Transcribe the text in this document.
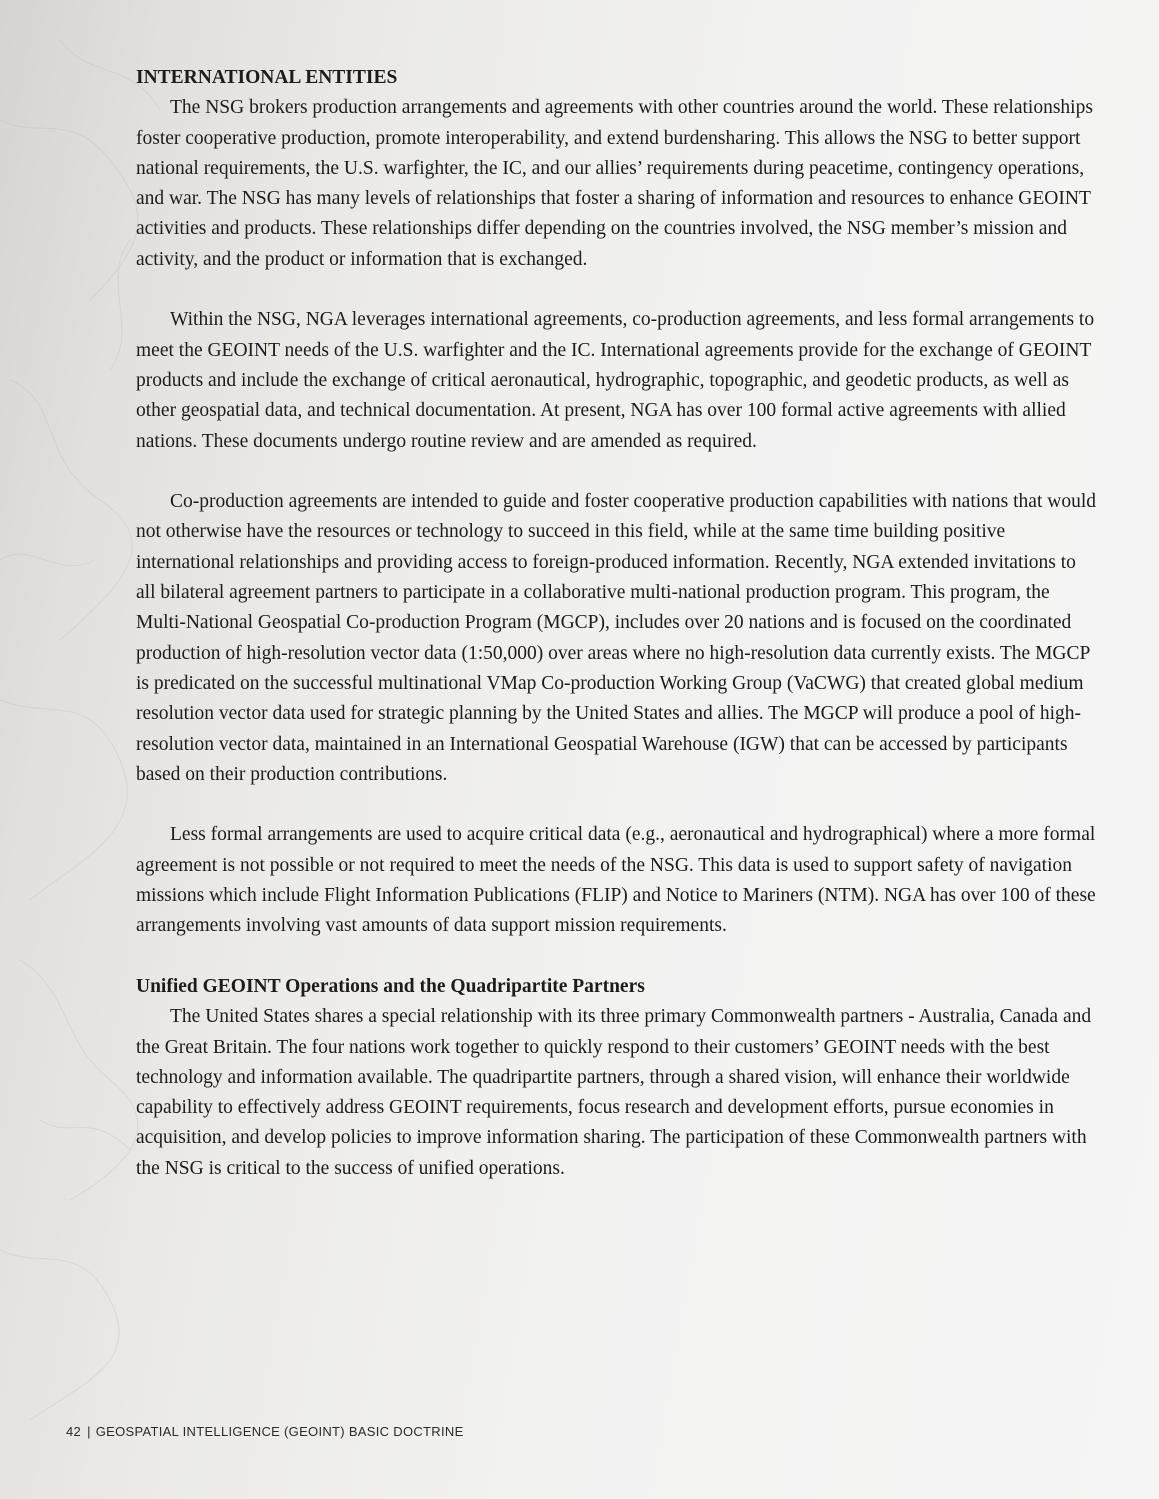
INTERNATIONAL ENTITIES

The NSG brokers production arrangements and agreements with other countries around the world. These relationships foster cooperative production, promote interoperability, and extend burdensharing. This allows the NSG to better support national requirements, the U.S. warfighter, the IC, and our allies’ requirements during peacetime, contingency operations, and war. The NSG has many levels of relationships that foster a sharing of information and resources to enhance GEOINT activities and products. These relationships differ depending on the countries involved, the NSG member’s mission and activity, and the product or information that is exchanged.

Within the NSG, NGA leverages international agreements, co-production agreements, and less formal arrangements to meet the GEOINT needs of the U.S. warfighter and the IC. International agreements provide for the exchange of GEOINT products and include the exchange of critical aeronautical, hydrographic, topographic, and geodetic products, as well as other geospatial data, and technical documentation. At present, NGA has over 100 formal active agreements with allied nations. These documents undergo routine review and are amended as required.

Co-production agreements are intended to guide and foster cooperative production capabilities with nations that would not otherwise have the resources or technology to succeed in this field, while at the same time building positive international relationships and providing access to foreign-produced information. Recently, NGA extended invitations to all bilateral agreement partners to participate in a collaborative multi-national production program. This program, the Multi-National Geospatial Co-production Program (MGCP), includes over 20 nations and is focused on the coordinated production of high-resolution vector data (1:50,000) over areas where no high-resolution data currently exists. The MGCP is predicated on the successful multinational VMap Co-production Working Group (VaCWG) that created global medium resolution vector data used for strategic planning by the United States and allies. The MGCP will produce a pool of high-resolution vector data, maintained in an International Geospatial Warehouse (IGW) that can be accessed by participants based on their production contributions.

Less formal arrangements are used to acquire critical data (e.g., aeronautical and hydrographical) where a more formal agreement is not possible or not required to meet the needs of the NSG. This data is used to support safety of navigation missions which include Flight Information Publications (FLIP) and Notice to Mariners (NTM). NGA has over 100 of these arrangements involving vast amounts of data support mission requirements.

Unified GEOINT Operations and the Quadripartite Partners

The United States shares a special relationship with its three primary Commonwealth partners - Australia, Canada and the Great Britain. The four nations work together to quickly respond to their customers’ GEOINT needs with the best technology and information available. The quadripartite partners, through a shared vision, will enhance their worldwide capability to effectively address GEOINT requirements, focus research and development efforts, pursue economies in acquisition, and develop policies to improve information sharing. The participation of these Commonwealth partners with the NSG is critical to the success of unified operations.

42 | GEOSPATIAL INTELLIGENCE (GEOINT) BASIC DOCTRINE
